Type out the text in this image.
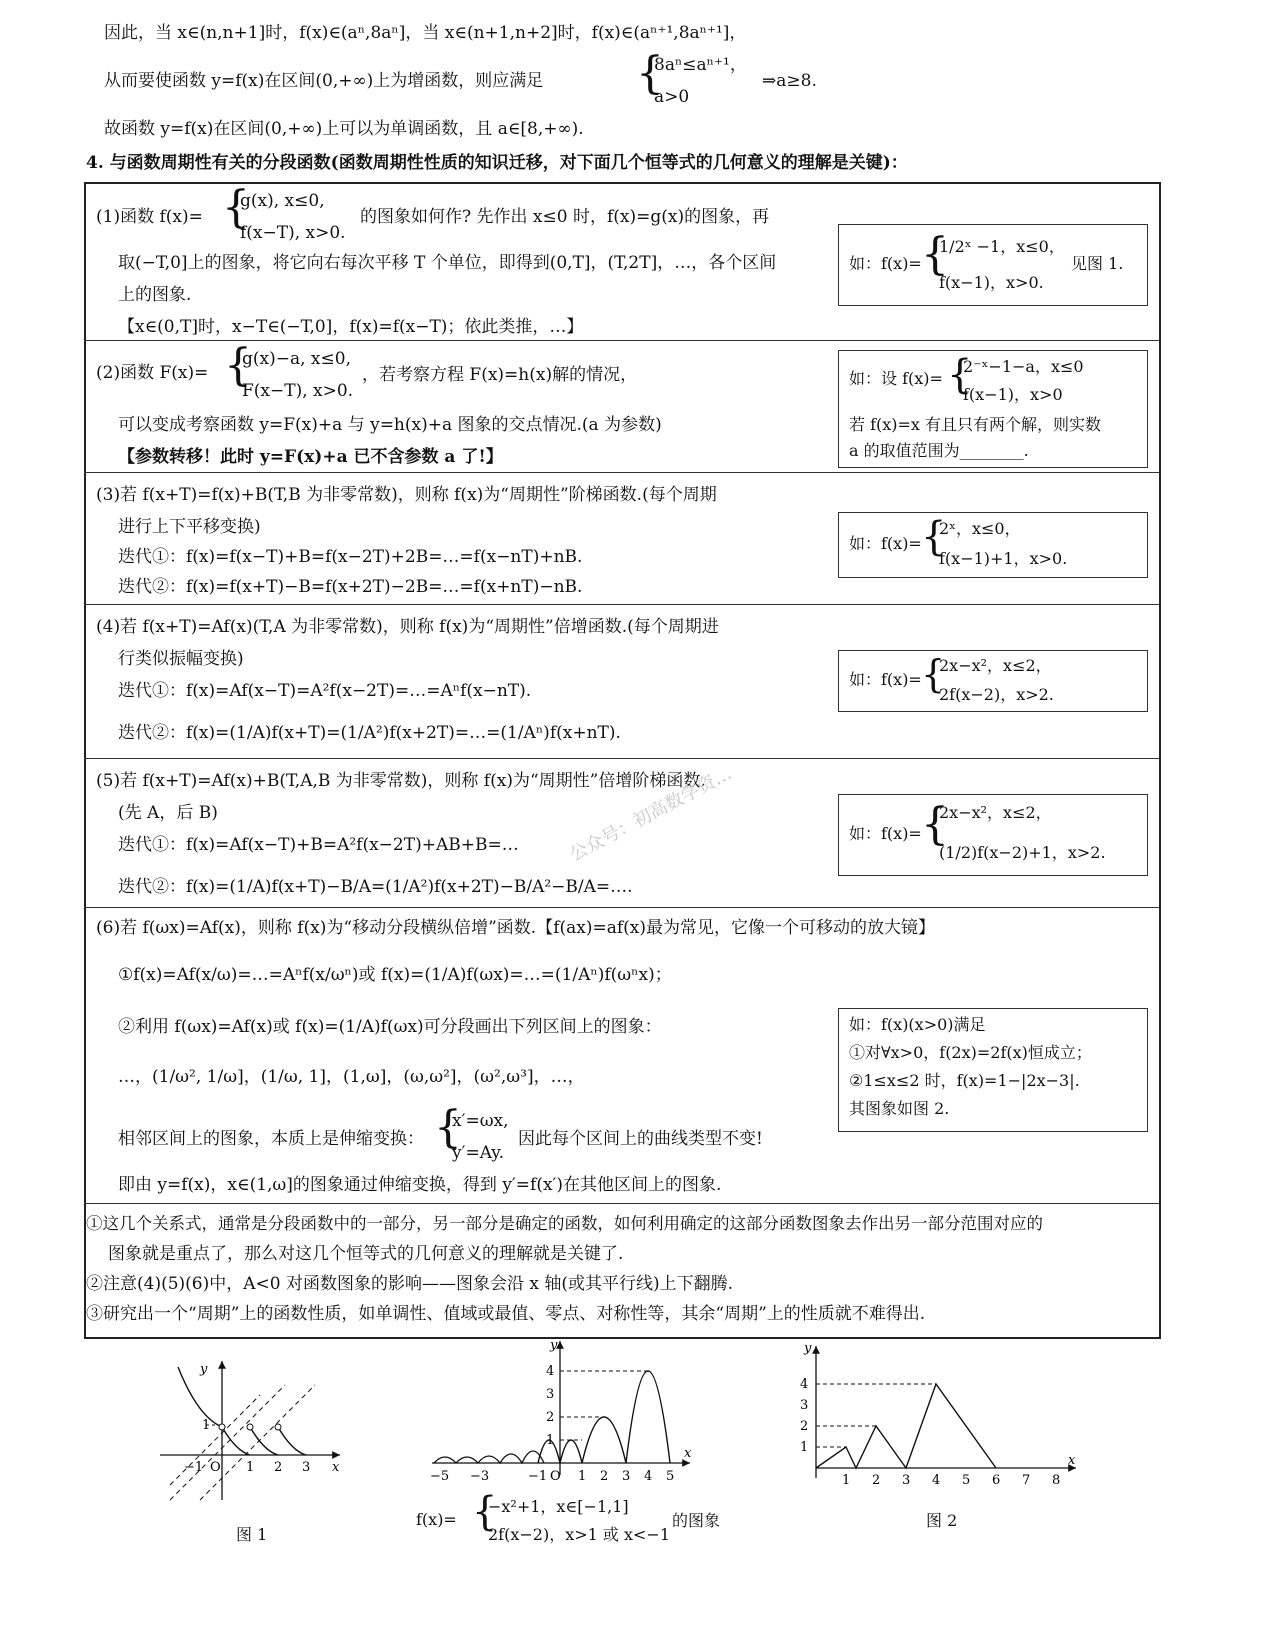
因此，当 x∈(n,n+1]时，f(x)∈(aⁿ,8aⁿ]，当 x∈(n+1,n+2]时，f(x)∈(aⁿ⁺¹,8aⁿ⁺¹]，
从而要使函数 y=f(x)在区间(0,+∞)上为增函数，则应满足 {
8aⁿ≤aⁿ⁺¹，
a>0
⇒a≥8.
故函数 y=f(x)在区间(0,+∞)上可以为单调函数，且 a∈[8,+∞).
4. 与函数周期性有关的分段函数(函数周期性性质的知识迁移，对下面几个恒等式的几何意义的理解是关键)：
(1)函数 f(x)= {
g(x), x≤0,
f(x−T), x>0.
的图象如何作? 先作出 x≤0 时，f(x)=g(x)的图象，再
取(−T,0]上的图象，将它向右每次平移 T 个单位，即得到(0,T]，(T,2T]，…，各个区间
上的图象.
【x∈(0,T]时，x−T∈(−T,0]，f(x)=f(x−T)；依此类推，…】
如：f(x)= {
1/2ˣ −1，x≤0，
f(x−1)，x>0.
见图 1.
(2)函数 F(x)= {
g(x)−a, x≤0,
F(x−T), x>0.
，若考察方程 F(x)=h(x)解的情况，
可以变成考察函数 y=F(x)+a 与 y=h(x)+a 图象的交点情况.(a 为参数)
【参数转移！此时 y=F(x)+a 已不含参数 a 了!】
如：设 f(x)= {
2⁻ˣ−1−a，x≤0
f(x−1)，x>0
若 f(x)=x 有且只有两个解，则实数
a 的取值范围为________.
(3)若 f(x+T)=f(x)+B(T,B 为非零常数)，则称 f(x)为“周期性”阶梯函数.(每个周期
进行上下平移变换)
迭代①：f(x)=f(x−T)+B=f(x−2T)+2B=…=f(x−nT)+nB.
迭代②：f(x)=f(x+T)−B=f(x+2T)−2B=…=f(x+nT)−nB.
如：f(x)= {
2ˣ，x≤0，
f(x−1)+1，x>0.
(4)若 f(x+T)=Af(x)(T,A 为非零常数)，则称 f(x)为“周期性”倍增函数.(每个周期进
行类似振幅变换)
迭代①：f(x)=Af(x−T)=A²f(x−2T)=…=Aⁿf(x−nT).
迭代②：f(x)=(1/A)f(x+T)=(1/A²)f(x+2T)=…=(1/Aⁿ)f(x+nT).
如：f(x)= {
2x−x²，x≤2，
2f(x−2)，x>2.
(5)若 f(x+T)=Af(x)+B(T,A,B 为非零常数)，则称 f(x)为“周期性”倍增阶梯函数.
(先 A，后 B)
迭代①：f(x)=Af(x−T)+B=A²f(x−2T)+AB+B=…
迭代②：f(x)=(1/A)f(x+T)−B/A=(1/A²)f(x+2T)−B/A²−B/A=….
如：f(x)= {
2x−x²，x≤2，
(1/2)f(x−2)+1，x>2.
公众号：初高数学资…
(6)若 f(ωx)=Af(x)，则称 f(x)为“移动分段横纵倍增”函数.【f(ax)=af(x)最为常见，它像一个可移动的放大镜】
①f(x)=Af(x/ω)=…=Aⁿf(x/ωⁿ)或 f(x)=(1/A)f(ωx)=…=(1/Aⁿ)f(ωⁿx)；
②利用 f(ωx)=Af(x)或 f(x)=(1/A)f(ωx)可分段画出下列区间上的图象：
…，(1/ω², 1/ω]，(1/ω, 1]，(1,ω]，(ω,ω²]，(ω²,ω³]，…，
相邻区间上的图象，本质上是伸缩变换： {
x′=ωx,
y′=Ay.
因此每个区间上的曲线类型不变!
即由 y=f(x)，x∈(1,ω]的图象通过伸缩变换，得到 y′=f(x′)在其他区间上的图象.
如：f(x)(x>0)满足
①对∀x>0，f(2x)=2f(x)恒成立；
②1≤x≤2 时，f(x)=1−|2x−3|.
其图象如图 2.
①这几个关系式，通常是分段函数中的一部分，另一部分是确定的函数，如何利用确定的这部分函数图象去作出另一部分范围对应的
图象就是重点了，那么对这几个恒等式的几何意义的理解就是关键了.
②注意(4)(5)(6)中，A<0 对函数图象的影响——图象会沿 x 轴(或其平行线)上下翻腾.
③研究出一个“周期”上的函数性质，如单调性、值域或最值、零点、对称性等，其余“周期”上的性质就不难得出.
y
x
1
−1 O 1 2 3
图 1
y
x
4
3
2
1
−5 −3	−1 O 1 2 3 4 5
f(x)= {
−x²+1，x∈[−1,1]
2f(x−2)，x>1 或 x<−1
的图象
y
x
4
3
2
1
1 2 3 4 5 6 7 8
图 2
